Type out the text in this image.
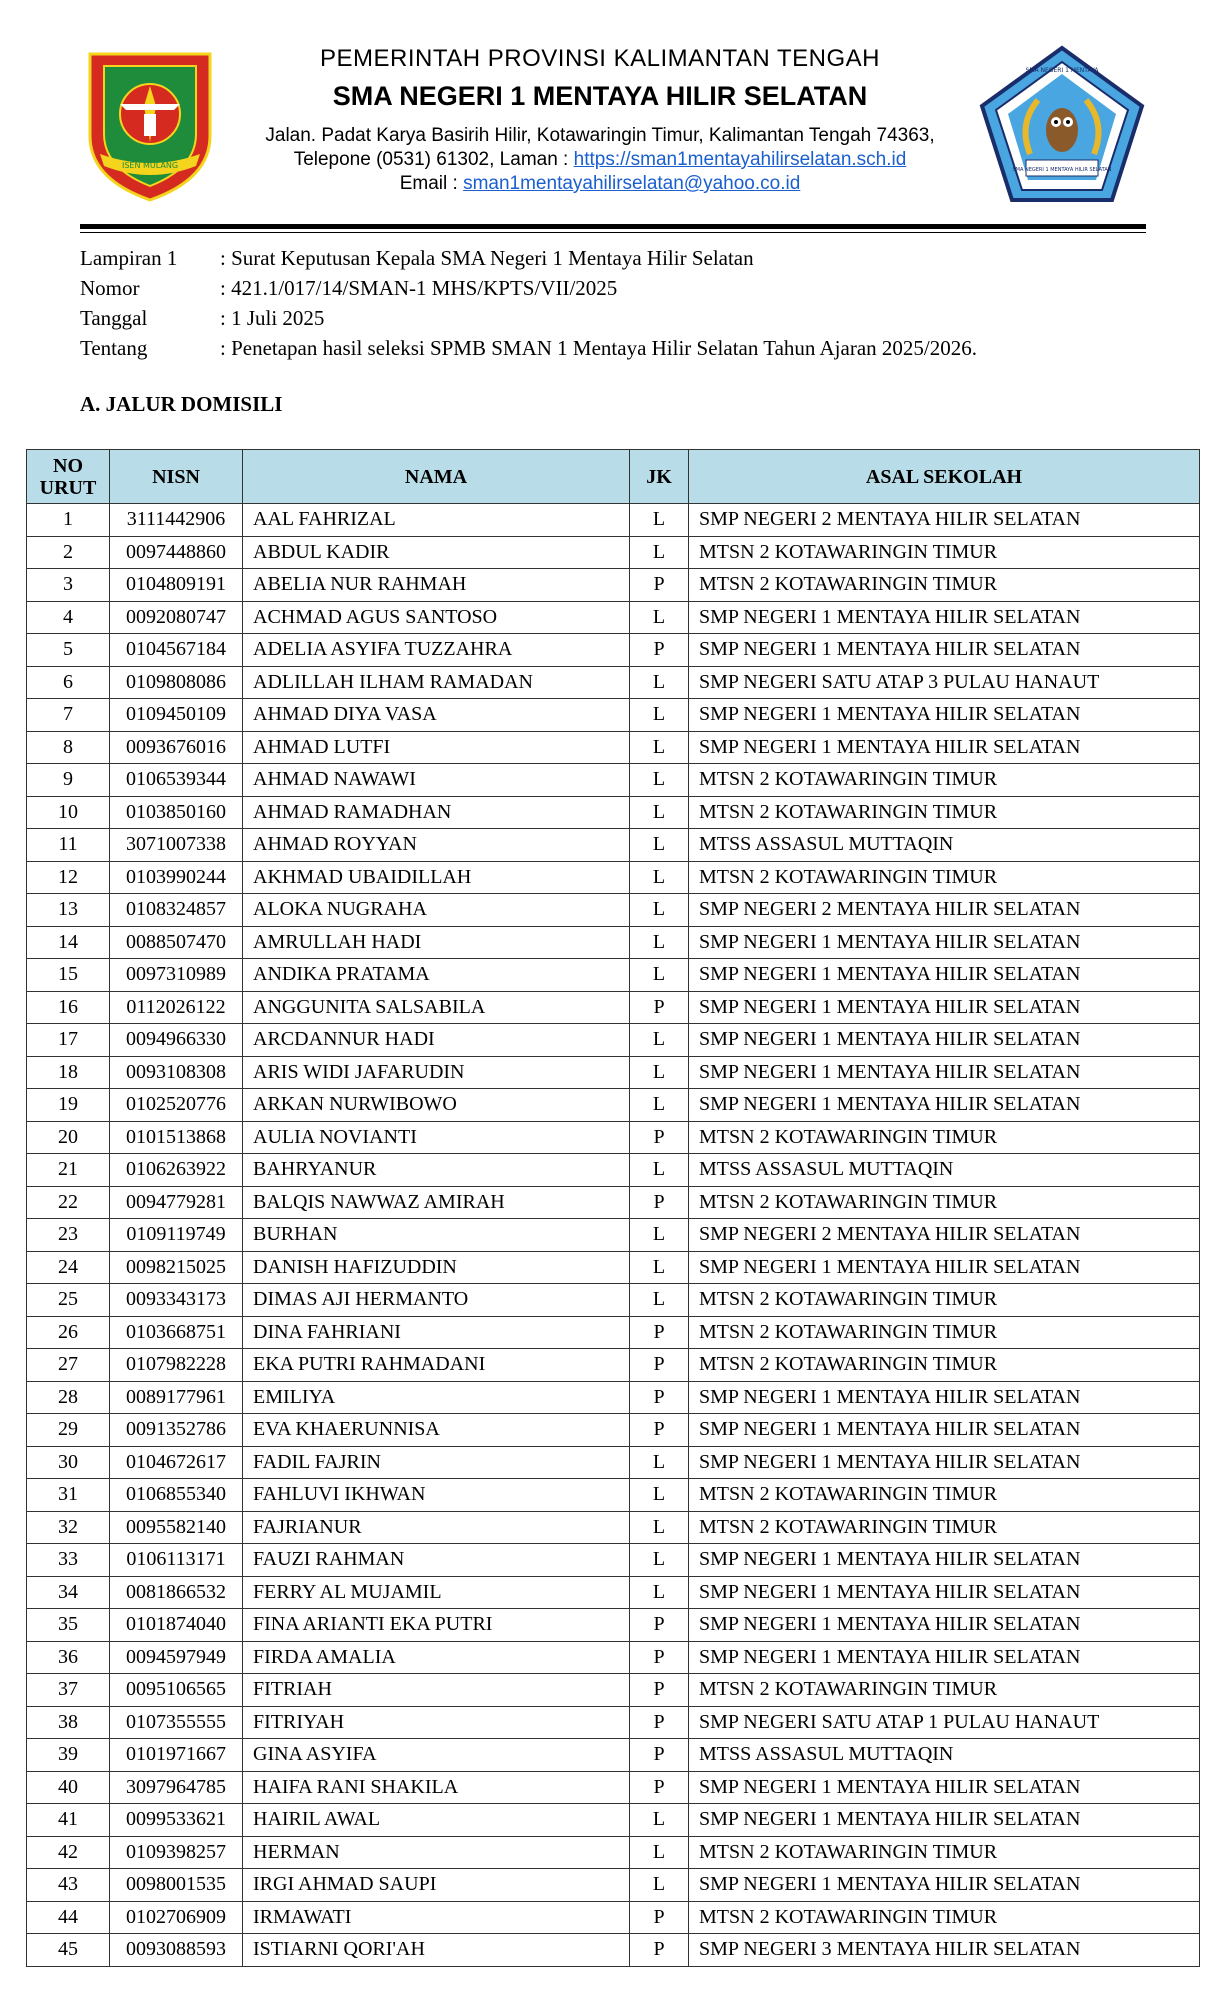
ISEN MULANG
PEMERINTAH PROVINSI KALIMANTAN TENGAH
SMA NEGERI 1 MENTAYA HILIR SELATAN
Jalan. Padat Karya Basirih Hilir, Kotawaringin Timur, Kalimantan Tengah 74363,
Telepone (0531) 61302, Laman : https://sman1mentayahilirselatan.sch.id
Email : sman1mentayahilirselatan@yahoo.co.id
SMA NEGERI 1 MENTAYA HILIR SELATAN
SMA NEGERI 1 MENTAYA
Lampiran 1 : Surat Keputusan Kepala SMA Negeri 1 Mentaya Hilir Selatan
Nomor	: 421.1/017/14/SMAN-1 MHS/KPTS/VII/2025
Tanggal	: 1 Juli 2025
Tentang	: Penetapan hasil seleksi SPMB SMAN 1 Mentaya Hilir Selatan Tahun Ajaran 2025/2026.
A. JALUR DOMISILI
NO URUT	NISN	NAMA	JK	ASAL SEKOLAH
1	3111442906	AAL FAHRIZAL	L	SMP NEGERI 2 MENTAYA HILIR SELATAN
2	0097448860	ABDUL KADIR	L	MTSN 2 KOTAWARINGIN TIMUR
3	0104809191	ABELIA NUR RAHMAH	P	MTSN 2 KOTAWARINGIN TIMUR
4	0092080747	ACHMAD AGUS SANTOSO	L	SMP NEGERI 1 MENTAYA HILIR SELATAN
5	0104567184	ADELIA ASYIFA TUZZAHRA	P	SMP NEGERI 1 MENTAYA HILIR SELATAN
6	0109808086	ADLILLAH ILHAM RAMADAN	L	SMP NEGERI SATU ATAP 3 PULAU HANAUT
7	0109450109	AHMAD DIYA VASA	L	SMP NEGERI 1 MENTAYA HILIR SELATAN
8	0093676016	AHMAD LUTFI	L	SMP NEGERI 1 MENTAYA HILIR SELATAN
9	0106539344	AHMAD NAWAWI	L	MTSN 2 KOTAWARINGIN TIMUR
10	0103850160	AHMAD RAMADHAN	L	MTSN 2 KOTAWARINGIN TIMUR
11	3071007338	AHMAD ROYYAN	L	MTSS ASSASUL MUTTAQIN
12	0103990244	AKHMAD UBAIDILLAH	L	MTSN 2 KOTAWARINGIN TIMUR
13	0108324857	ALOKA NUGRAHA	L	SMP NEGERI 2 MENTAYA HILIR SELATAN
14	0088507470	AMRULLAH HADI	L	SMP NEGERI 1 MENTAYA HILIR SELATAN
15	0097310989	ANDIKA PRATAMA	L	SMP NEGERI 1 MENTAYA HILIR SELATAN
16	0112026122	ANGGUNITA SALSABILA	P	SMP NEGERI 1 MENTAYA HILIR SELATAN
17	0094966330	ARCDANNUR HADI	L	SMP NEGERI 1 MENTAYA HILIR SELATAN
18	0093108308	ARIS WIDI JAFARUDIN	L	SMP NEGERI 1 MENTAYA HILIR SELATAN
19	0102520776	ARKAN NURWIBOWO	L	SMP NEGERI 1 MENTAYA HILIR SELATAN
20	0101513868	AULIA NOVIANTI	P	MTSN 2 KOTAWARINGIN TIMUR
21	0106263922	BAHRYANUR	L	MTSS ASSASUL MUTTAQIN
22	0094779281	BALQIS NAWWAZ AMIRAH	P	MTSN 2 KOTAWARINGIN TIMUR
23	0109119749	BURHAN	L	SMP NEGERI 2 MENTAYA HILIR SELATAN
24	0098215025	DANISH HAFIZUDDIN	L	SMP NEGERI 1 MENTAYA HILIR SELATAN
25	0093343173	DIMAS AJI HERMANTO	L	MTSN 2 KOTAWARINGIN TIMUR
26	0103668751	DINA FAHRIANI	P	MTSN 2 KOTAWARINGIN TIMUR
27	0107982228	EKA PUTRI RAHMADANI	P	MTSN 2 KOTAWARINGIN TIMUR
28	0089177961	EMILIYA	P	SMP NEGERI 1 MENTAYA HILIR SELATAN
29	0091352786	EVA KHAERUNNISA	P	SMP NEGERI 1 MENTAYA HILIR SELATAN
30	0104672617	FADIL FAJRIN	L	SMP NEGERI 1 MENTAYA HILIR SELATAN
31	0106855340	FAHLUVI IKHWAN	L	MTSN 2 KOTAWARINGIN TIMUR
32	0095582140	FAJRIANUR	L	MTSN 2 KOTAWARINGIN TIMUR
33	0106113171	FAUZI RAHMAN	L	SMP NEGERI 1 MENTAYA HILIR SELATAN
34	0081866532	FERRY AL MUJAMIL	L	SMP NEGERI 1 MENTAYA HILIR SELATAN
35	0101874040	FINA ARIANTI EKA PUTRI	P	SMP NEGERI 1 MENTAYA HILIR SELATAN
36	0094597949	FIRDA AMALIA	P	SMP NEGERI 1 MENTAYA HILIR SELATAN
37	0095106565	FITRIAH	P	MTSN 2 KOTAWARINGIN TIMUR
38	0107355555	FITRIYAH	P	SMP NEGERI SATU ATAP 1 PULAU HANAUT
39	0101971667	GINA ASYIFA	P	MTSS ASSASUL MUTTAQIN
40	3097964785	HAIFA RANI SHAKILA	P	SMP NEGERI 1 MENTAYA HILIR SELATAN
41	0099533621	HAIRIL AWAL	L	SMP NEGERI 1 MENTAYA HILIR SELATAN
42	0109398257	HERMAN	L	MTSN 2 KOTAWARINGIN TIMUR
43	0098001535	IRGI AHMAD SAUPI	L	SMP NEGERI 1 MENTAYA HILIR SELATAN
44	0102706909	IRMAWATI	P	MTSN 2 KOTAWARINGIN TIMUR
45	0093088593	ISTIARNI QORI'AH	P	SMP NEGERI 3 MENTAYA HILIR SELATAN
